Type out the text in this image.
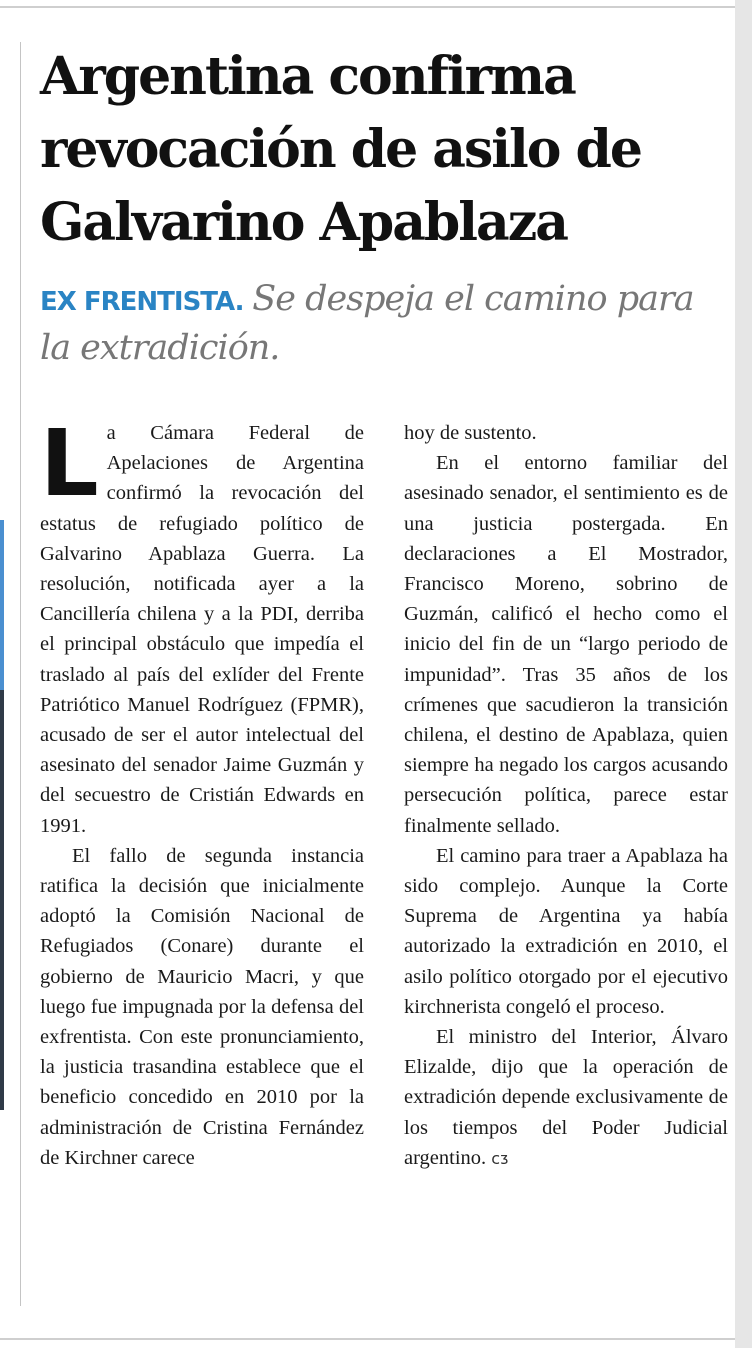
Argentina confirma revocación de asilo de Galvarino Apablaza

EX FRENTISTA. Se despeja el camino para la extradición.

La Cámara Federal de Apelaciones de Argentina confirmó la revocación del estatus de refugiado político de Galvarino Apablaza Guerra. La resolución, notificada ayer a la Cancillería chilena y a la PDI, derriba el principal obstáculo que impedía el traslado al país del exlíder del Frente Patriótico Manuel Rodríguez (FPMR), acusado de ser el autor intelectual del asesinato del senador Jaime Guzmán y del secuestro de Cristián Edwards en 1991.

El fallo de segunda instancia ratifica la decisión que inicialmente adoptó la Comisión Nacional de Refugiados (Conare) durante el gobierno de Mauricio Macri, y que luego fue impugnada por la defensa del exfrentista. Con este pronunciamiento, la justicia trasandina establece que el beneficio concedido en 2010 por la administración de Cristina Fernández de Kirchner carece

hoy de sustento.

En el entorno familiar del asesinado senador, el sentimiento es de una justicia postergada. En declaraciones a El Mostrador, Francisco Moreno, sobrino de Guzmán, calificó el hecho como el inicio del fin de un “largo periodo de impunidad”. Tras 35 años de los crímenes que sacudieron la transición chilena, el destino de Apablaza, quien siempre ha negado los cargos acusando persecución política, parece estar finalmente sellado.

El camino para traer a Apablaza ha sido complejo. Aunque la Corte Suprema de Argentina ya había autorizado la extradición en 2010, el asilo político otorgado por el ejecutivo kirchnerista congeló el proceso.

El ministro del Interior, Álvaro Elizalde, dijo que la operación de extradición depende exclusivamente de los tiempos del Poder Judicial argentino. ᴄᴣ
